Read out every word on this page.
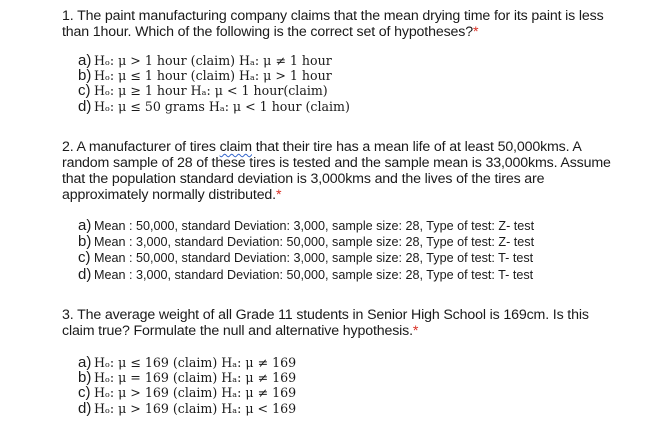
1. The paint manufacturing company claims that the mean drying time for its paint is less than 1hour. Which of the following is the correct set of hypotheses?*

a) Hₒ: μ > 1 hour (claim) Hₐ: μ ≠ 1 hour
b) Hₒ: μ ≤ 1 hour (claim) Hₐ: μ > 1 hour
c) Hₒ: μ ≥ 1 hour Hₐ: μ < 1 hour(claim)
d) Hₒ: μ ≤ 50 grams Hₐ: μ < 1 hour (claim)

2. A manufacturer of tires claim that their tire has a mean life of at least 50,000kms. A random sample of 28 of these tires is tested and the sample mean is 33,000kms. Assume that the population standard deviation is 3,000kms and the lives of the tires are approximately normally distributed.*

a) Mean : 50,000, standard Deviation: 3,000, sample size: 28, Type of test: Z- test
b) Mean : 3,000, standard Deviation: 50,000, sample size: 28, Type of test: Z- test
c) Mean : 50,000, standard Deviation: 3,000, sample size: 28, Type of test: T- test
d) Mean : 3,000, standard Deviation: 50,000, sample size: 28, Type of test: T- test

3. The average weight of all Grade 11 students in Senior High School is 169cm. Is this claim true? Formulate the null and alternative hypothesis.*

a) Hₒ: μ ≤ 169 (claim) Hₐ: μ ≠ 169
b) Hₒ: μ = 169 (claim) Hₐ: μ ≠ 169
c) Hₒ: μ > 169 (claim) Hₐ: μ ≠ 169
d) Hₒ: μ > 169 (claim) Hₐ: μ < 169
